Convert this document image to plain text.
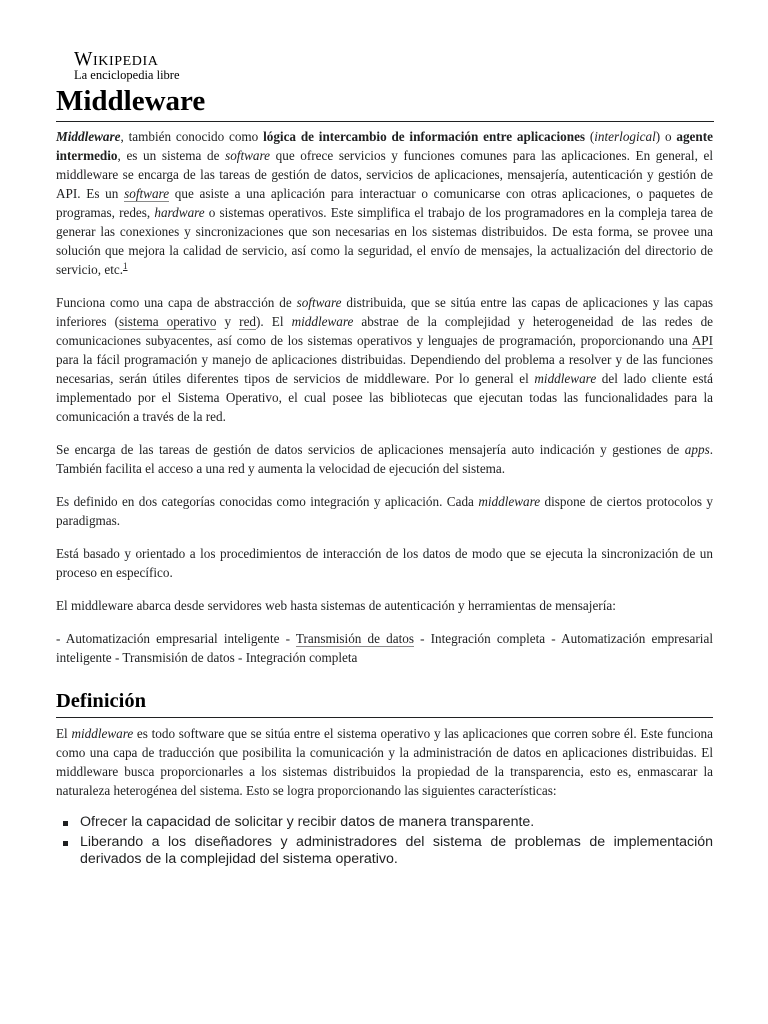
Wikipedia
La enciclopedia libre
Middleware

Middleware, también conocido como lógica de intercambio de información entre aplicaciones (interlogical) o agente intermedio, es un sistema de software que ofrece servicios y funciones comunes para las aplicaciones. En general, el middleware se encarga de las tareas de gestión de datos, servicios de aplicaciones, mensajería, autenticación y gestión de API. Es un software que asiste a una aplicación para interactuar o comunicarse con otras aplicaciones, o paquetes de programas, redes, hardware o sistemas operativos. Este simplifica el trabajo de los programadores en la compleja tarea de generar las conexiones y sincronizaciones que son necesarias en los sistemas distribuidos. De esta forma, se provee una solución que mejora la calidad de servicio, así como la seguridad, el envío de mensajes, la actualización del directorio de servicio, etc.$^1$

Funciona como una capa de abstracción de software distribuida, que se sitúa entre las capas de aplicaciones y las capas inferiores (sistema operativo y red). El middleware abstrae de la complejidad y heterogeneidad de las redes de comunicaciones subyacentes, así como de los sistemas operativos y lenguajes de programación, proporcionando una API para la fácil programación y manejo de aplicaciones distribuidas. Dependiendo del problema a resolver y de las funciones necesarias, serán útiles diferentes tipos de servicios de middleware. Por lo general el middleware del lado cliente está implementado por el Sistema Operativo, el cual posee las bibliotecas que ejecutan todas las funcionalidades para la comunicación a través de la red.

Se encarga de las tareas de gestión de datos servicios de aplicaciones mensajería auto indicación y gestiones de apps. También facilita el acceso a una red y aumenta la velocidad de ejecución del sistema.

Es definido en dos categorías conocidas como integración y aplicación. Cada middleware dispone de ciertos protocolos y paradigmas.

Está basado y orientado a los procedimientos de interacción de los datos de modo que se ejecuta la sincronización de un proceso en específico.

El middleware abarca desde servidores web hasta sistemas de autenticación y herramientas de mensajería:

- Automatización empresarial inteligente - Transmisión de datos - Integración completa - Automatización empresarial inteligente - Transmisión de datos - Integración completa

Definición

El middleware es todo software que se sitúa entre el sistema operativo y las aplicaciones que corren sobre él. Este funciona como una capa de traducción que posibilita la comunicación y la administración de datos en aplicaciones distribuidas. El middleware busca proporcionarles a los sistemas distribuidos la propiedad de la transparencia, esto es, enmascarar la naturaleza heterogénea del sistema. Esto se logra proporcionando las siguientes características:

Ofrecer la capacidad de solicitar y recibir datos de manera transparente.
Liberando a los diseñadores y administradores del sistema de problemas de implementación derivados de la complejidad del sistema operativo.
